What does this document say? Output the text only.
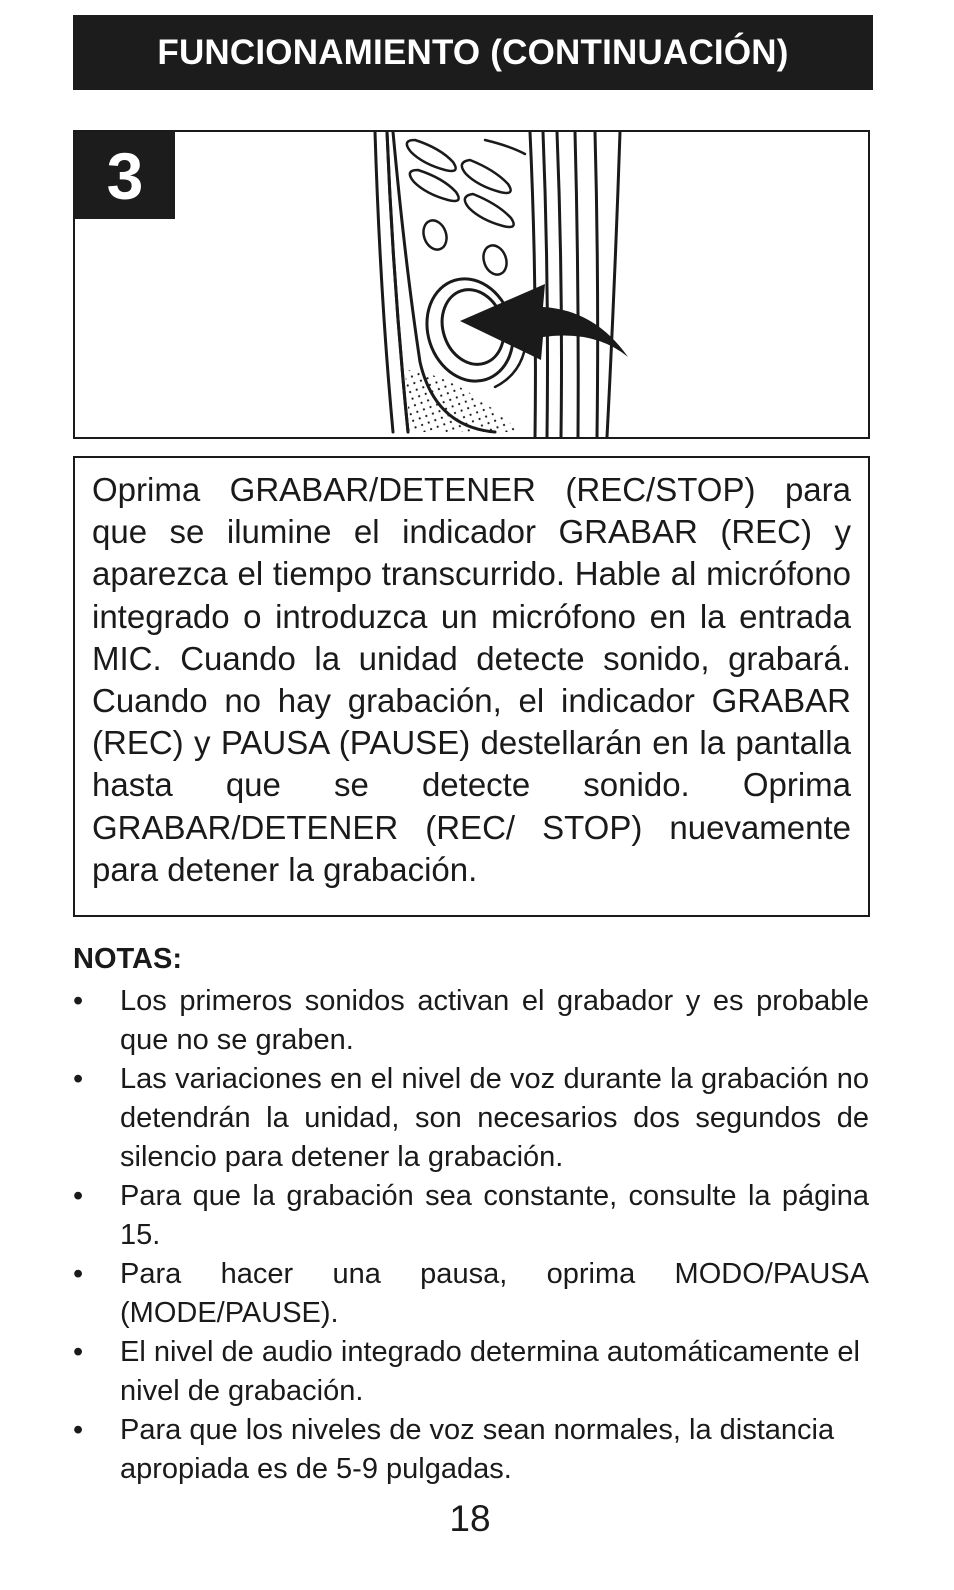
FUNCIONAMIENTO (CONTINUACIÓN)
3
Oprima GRABAR/DETENER (REC/STOP) para que se ilumine el indicador GRABAR (REC) y aparezca el tiempo transcurrido. Hable al micrófono integrado o introduzca un micrófono en la entrada MIC. Cuando la unidad detecte sonido, grabará. Cuando no hay grabación, el indicador GRABAR (REC) y PAUSA (PAUSE) destellarán en la pantalla hasta que se detecte sonido. Oprima GRABAR/DETENER (REC/ STOP) nuevamente para detener la grabación.
NOTAS:
• Los primeros sonidos activan el grabador y es probable que no se graben.
• Las variaciones en el nivel de voz durante la grabación no detendrán la unidad, son necesarios dos segundos de silencio para detener la grabación.
• Para que la grabación sea constante, consulte la página 15.
• Para hacer una pausa, oprima MODO/PAUSA (MODE/PAUSE).
• El nivel de audio integrado determina automáticamente el nivel de grabación.
• Para que los niveles de voz sean normales, la distancia apropiada es de 5-9 pulgadas.
18
